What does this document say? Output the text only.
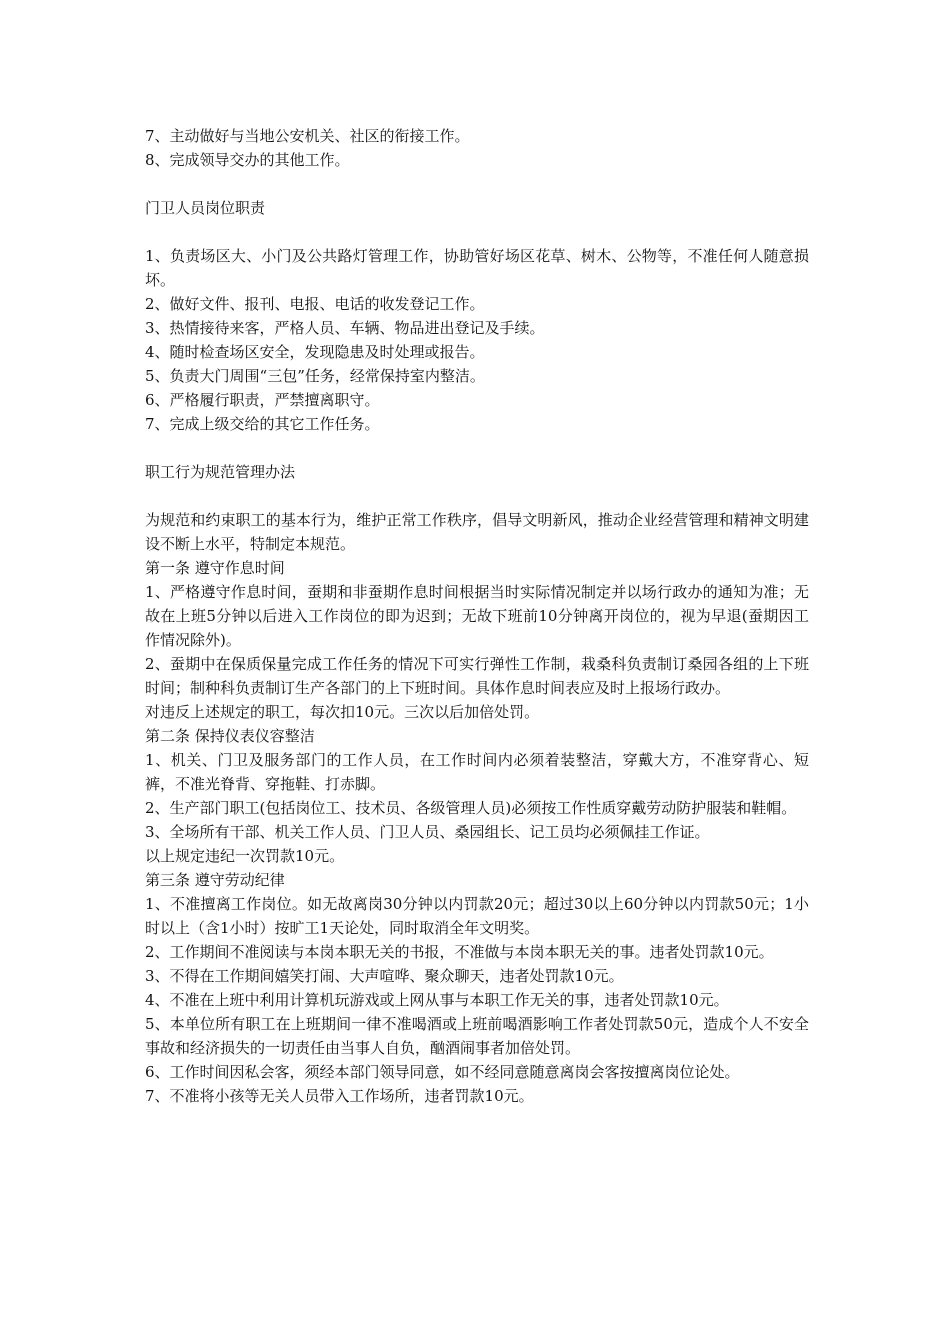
7、主动做好与当地公安机关、社区的衔接工作。

8、完成领导交办的其他工作。

门卫人员岗位职责

1、负责场区大、小门及公共路灯管理工作，协助管好场区花草、树木、公物等，不准任何人随意损坏。

2、做好文件、报刊、电报、电话的收发登记工作。

3、热情接待来客，严格人员、车辆、物品进出登记及手续。

4、随时检查场区安全，发现隐患及时处理或报告。

5、负责大门周围“三包”任务，经常保持室内整洁。

6、严格履行职责，严禁擅离职守。

7、完成上级交给的其它工作任务。

职工行为规范管理办法

为规范和约束职工的基本行为，维护正常工作秩序，倡导文明新风，推动企业经营管理和精神文明建设不断上水平，特制定本规范。

第一条 遵守作息时间

1、严格遵守作息时间，蚕期和非蚕期作息时间根据当时实际情况制定并以场行政办的通知为准；无故在上班5分钟以后进入工作岗位的即为迟到；无故下班前10分钟离开岗位的，视为早退(蚕期因工作情况除外)。

2、蚕期中在保质保量完成工作任务的情况下可实行弹性工作制，栽桑科负责制订桑园各组的上下班时间；制种科负责制订生产各部门的上下班时间。具体作息时间表应及时上报场行政办。

对违反上述规定的职工，每次扣10元。三次以后加倍处罚。

第二条 保持仪表仪容整洁

1、机关、门卫及服务部门的工作人员，在工作时间内必须着装整洁，穿戴大方，不准穿背心、短裤，不准光脊背、穿拖鞋、打赤脚。

2、生产部门职工(包括岗位工、技术员、各级管理人员)必须按工作性质穿戴劳动防护服装和鞋帽。

3、全场所有干部、机关工作人员、门卫人员、桑园组长、记工员均必须佩挂工作证。

以上规定违纪一次罚款10元。

第三条 遵守劳动纪律

1、不准擅离工作岗位。如无故离岗30分钟以内罚款20元；超过30以上60分钟以内罚款50元；1小时以上（含1小时）按旷工1天论处，同时取消全年文明奖。

2、工作期间不准阅读与本岗本职无关的书报，不准做与本岗本职无关的事。违者处罚款10元。

3、不得在工作期间嬉笑打闹、大声喧哗、聚众聊天，违者处罚款10元。

4、不准在上班中利用计算机玩游戏或上网从事与本职工作无关的事，违者处罚款10元。

5、本单位所有职工在上班期间一律不准喝酒或上班前喝酒影响工作者处罚款50元，造成个人不安全事故和经济损失的一切责任由当事人自负，酗酒闹事者加倍处罚。

6、工作时间因私会客，须经本部门领导同意，如不经同意随意离岗会客按擅离岗位论处。

7、不准将小孩等无关人员带入工作场所，违者罚款10元。
